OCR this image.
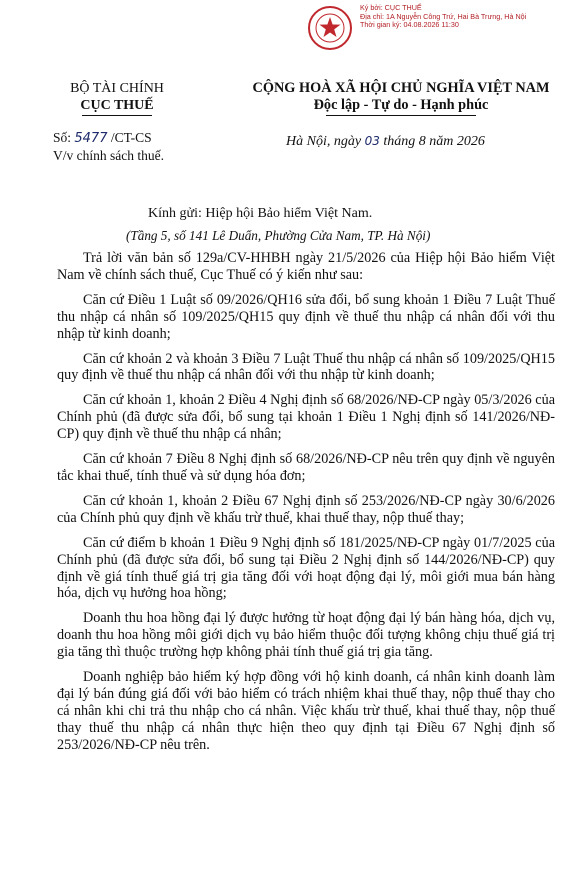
Ký bởi: CỤC THUẾ
Địa chỉ: 1A Nguyễn Công Trứ, Hai Bà Trưng, Hà Nội
Thời gian ký: 04.08.2026 11:30
BỘ TÀI CHÍNH
CỤC THUẾ
CỘNG HOÀ XÃ HỘI CHỦ NGHĨA VIỆT NAM
Độc lập - Tự do - Hạnh phúc
Số: 5477 /CT-CS
V/v chính sách thuế.
Hà Nội, ngày 03 tháng 8 năm 2026
Kính gửi: Hiệp hội Bảo hiểm Việt Nam.
(Tầng 5, số 141 Lê Duẩn, Phường Cửa Nam, TP. Hà Nội)

Trả lời văn bản số 129a/CV-HHBH ngày 21/5/2026 của Hiệp hội Bảo hiểm Việt Nam về chính sách thuế, Cục Thuế có ý kiến như sau:

Căn cứ Điều 1 Luật số 09/2026/QH16 sửa đổi, bổ sung khoản 1 Điều 7 Luật Thuế thu nhập cá nhân số 109/2025/QH15 quy định về thuế thu nhập cá nhân đối với thu nhập từ kinh doanh;

Căn cứ khoản 2 và khoản 3 Điều 7 Luật Thuế thu nhập cá nhân số 109/2025/QH15 quy định về thuế thu nhập cá nhân đối với thu nhập từ kinh doanh;

Căn cứ khoản 1, khoản 2 Điều 4 Nghị định số 68/2026/NĐ-CP ngày 05/3/2026 của Chính phủ (đã được sửa đổi, bổ sung tại khoản 1 Điều 1 Nghị định số 141/2026/NĐ-CP) quy định về thuế thu nhập cá nhân;

Căn cứ khoản 7 Điều 8 Nghị định số 68/2026/NĐ-CP nêu trên quy định về nguyên tắc khai thuế, tính thuế và sử dụng hóa đơn;

Căn cứ khoản 1, khoản 2 Điều 67 Nghị định số 253/2026/NĐ-CP ngày 30/6/2026 của Chính phủ quy định về khấu trừ thuế, khai thuế thay, nộp thuế thay;

Căn cứ điểm b khoản 1 Điều 9 Nghị định số 181/2025/NĐ-CP ngày 01/7/2025 của Chính phủ (đã được sửa đổi, bổ sung tại Điều 2 Nghị định số 144/2026/NĐ-CP) quy định về giá tính thuế giá trị gia tăng đối với hoạt động đại lý, môi giới mua bán hàng hóa, dịch vụ hưởng hoa hồng;

Doanh thu hoa hồng đại lý được hưởng từ hoạt động đại lý bán hàng hóa, dịch vụ, doanh thu hoa hồng môi giới dịch vụ bảo hiểm thuộc đối tượng không chịu thuế giá trị gia tăng thì thuộc trường hợp không phải tính thuế giá trị gia tăng.

Doanh nghiệp bảo hiểm ký hợp đồng với hộ kinh doanh, cá nhân kinh doanh làm đại lý bán đúng giá đối với bảo hiểm có trách nhiệm khai thuế thay, nộp thuế thay cho cá nhân khi chi trả thu nhập cho cá nhân. Việc khấu trừ thuế, khai thuế thay, nộp thuế thay thuế thu nhập cá nhân thực hiện theo quy định tại Điều 67 Nghị định số 253/2026/NĐ-CP nêu trên.
